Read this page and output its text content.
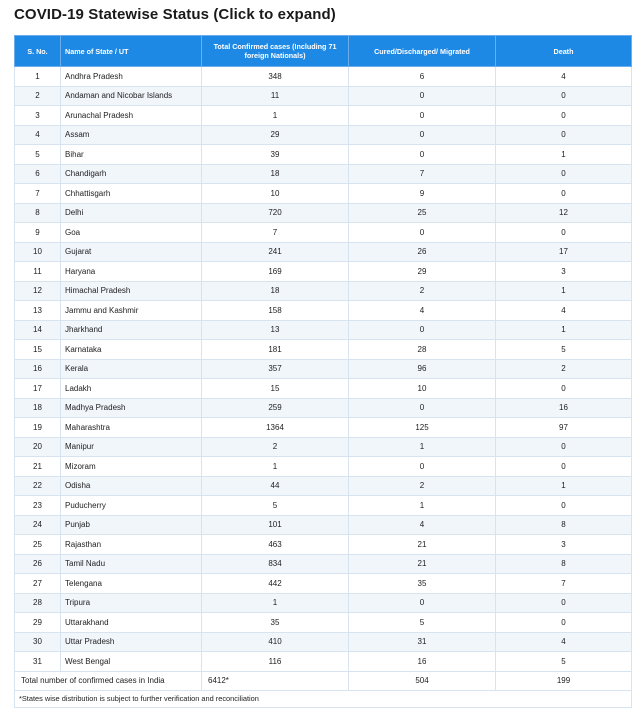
COVID-19 Statewise Status (Click to expand)
S. No.	Name of State / UT	Total Confirmed cases (Including 71 foreign Nationals)	Cured/Discharged/ Migrated	Death
1	Andhra Pradesh	348	6	4
2	Andaman and Nicobar Islands	11	0	0
3	Arunachal Pradesh	1	0	0
4	Assam	29	0	0
5	Bihar	39	0	1
6	Chandigarh	18	7	0
7	Chhattisgarh	10	9	0
8	Delhi	720	25	12
9	Goa	7	0	0
10	Gujarat	241	26	17
11	Haryana	169	29	3
12	Himachal Pradesh	18	2	1
13	Jammu and Kashmir	158	4	4
14	Jharkhand	13	0	1
15	Karnataka	181	28	5
16	Kerala	357	96	2
17	Ladakh	15	10	0
18	Madhya Pradesh	259	0	16
19	Maharashtra	1364	125	97
20	Manipur	2	1	0
21	Mizoram	1	0	0
22	Odisha	44	2	1
23	Puducherry	5	1	0
24	Punjab	101	4	8
25	Rajasthan	463	21	3
26	Tamil Nadu	834	21	8
27	Telengana	442	35	7
28	Tripura	1	0	0
29	Uttarakhand	35	5	0
30	Uttar Pradesh	410	31	4
31	West Bengal	116	16	5
Total number of confirmed cases in India		6412*	504	199
*States wise distribution is subject to further verification and reconciliation				
